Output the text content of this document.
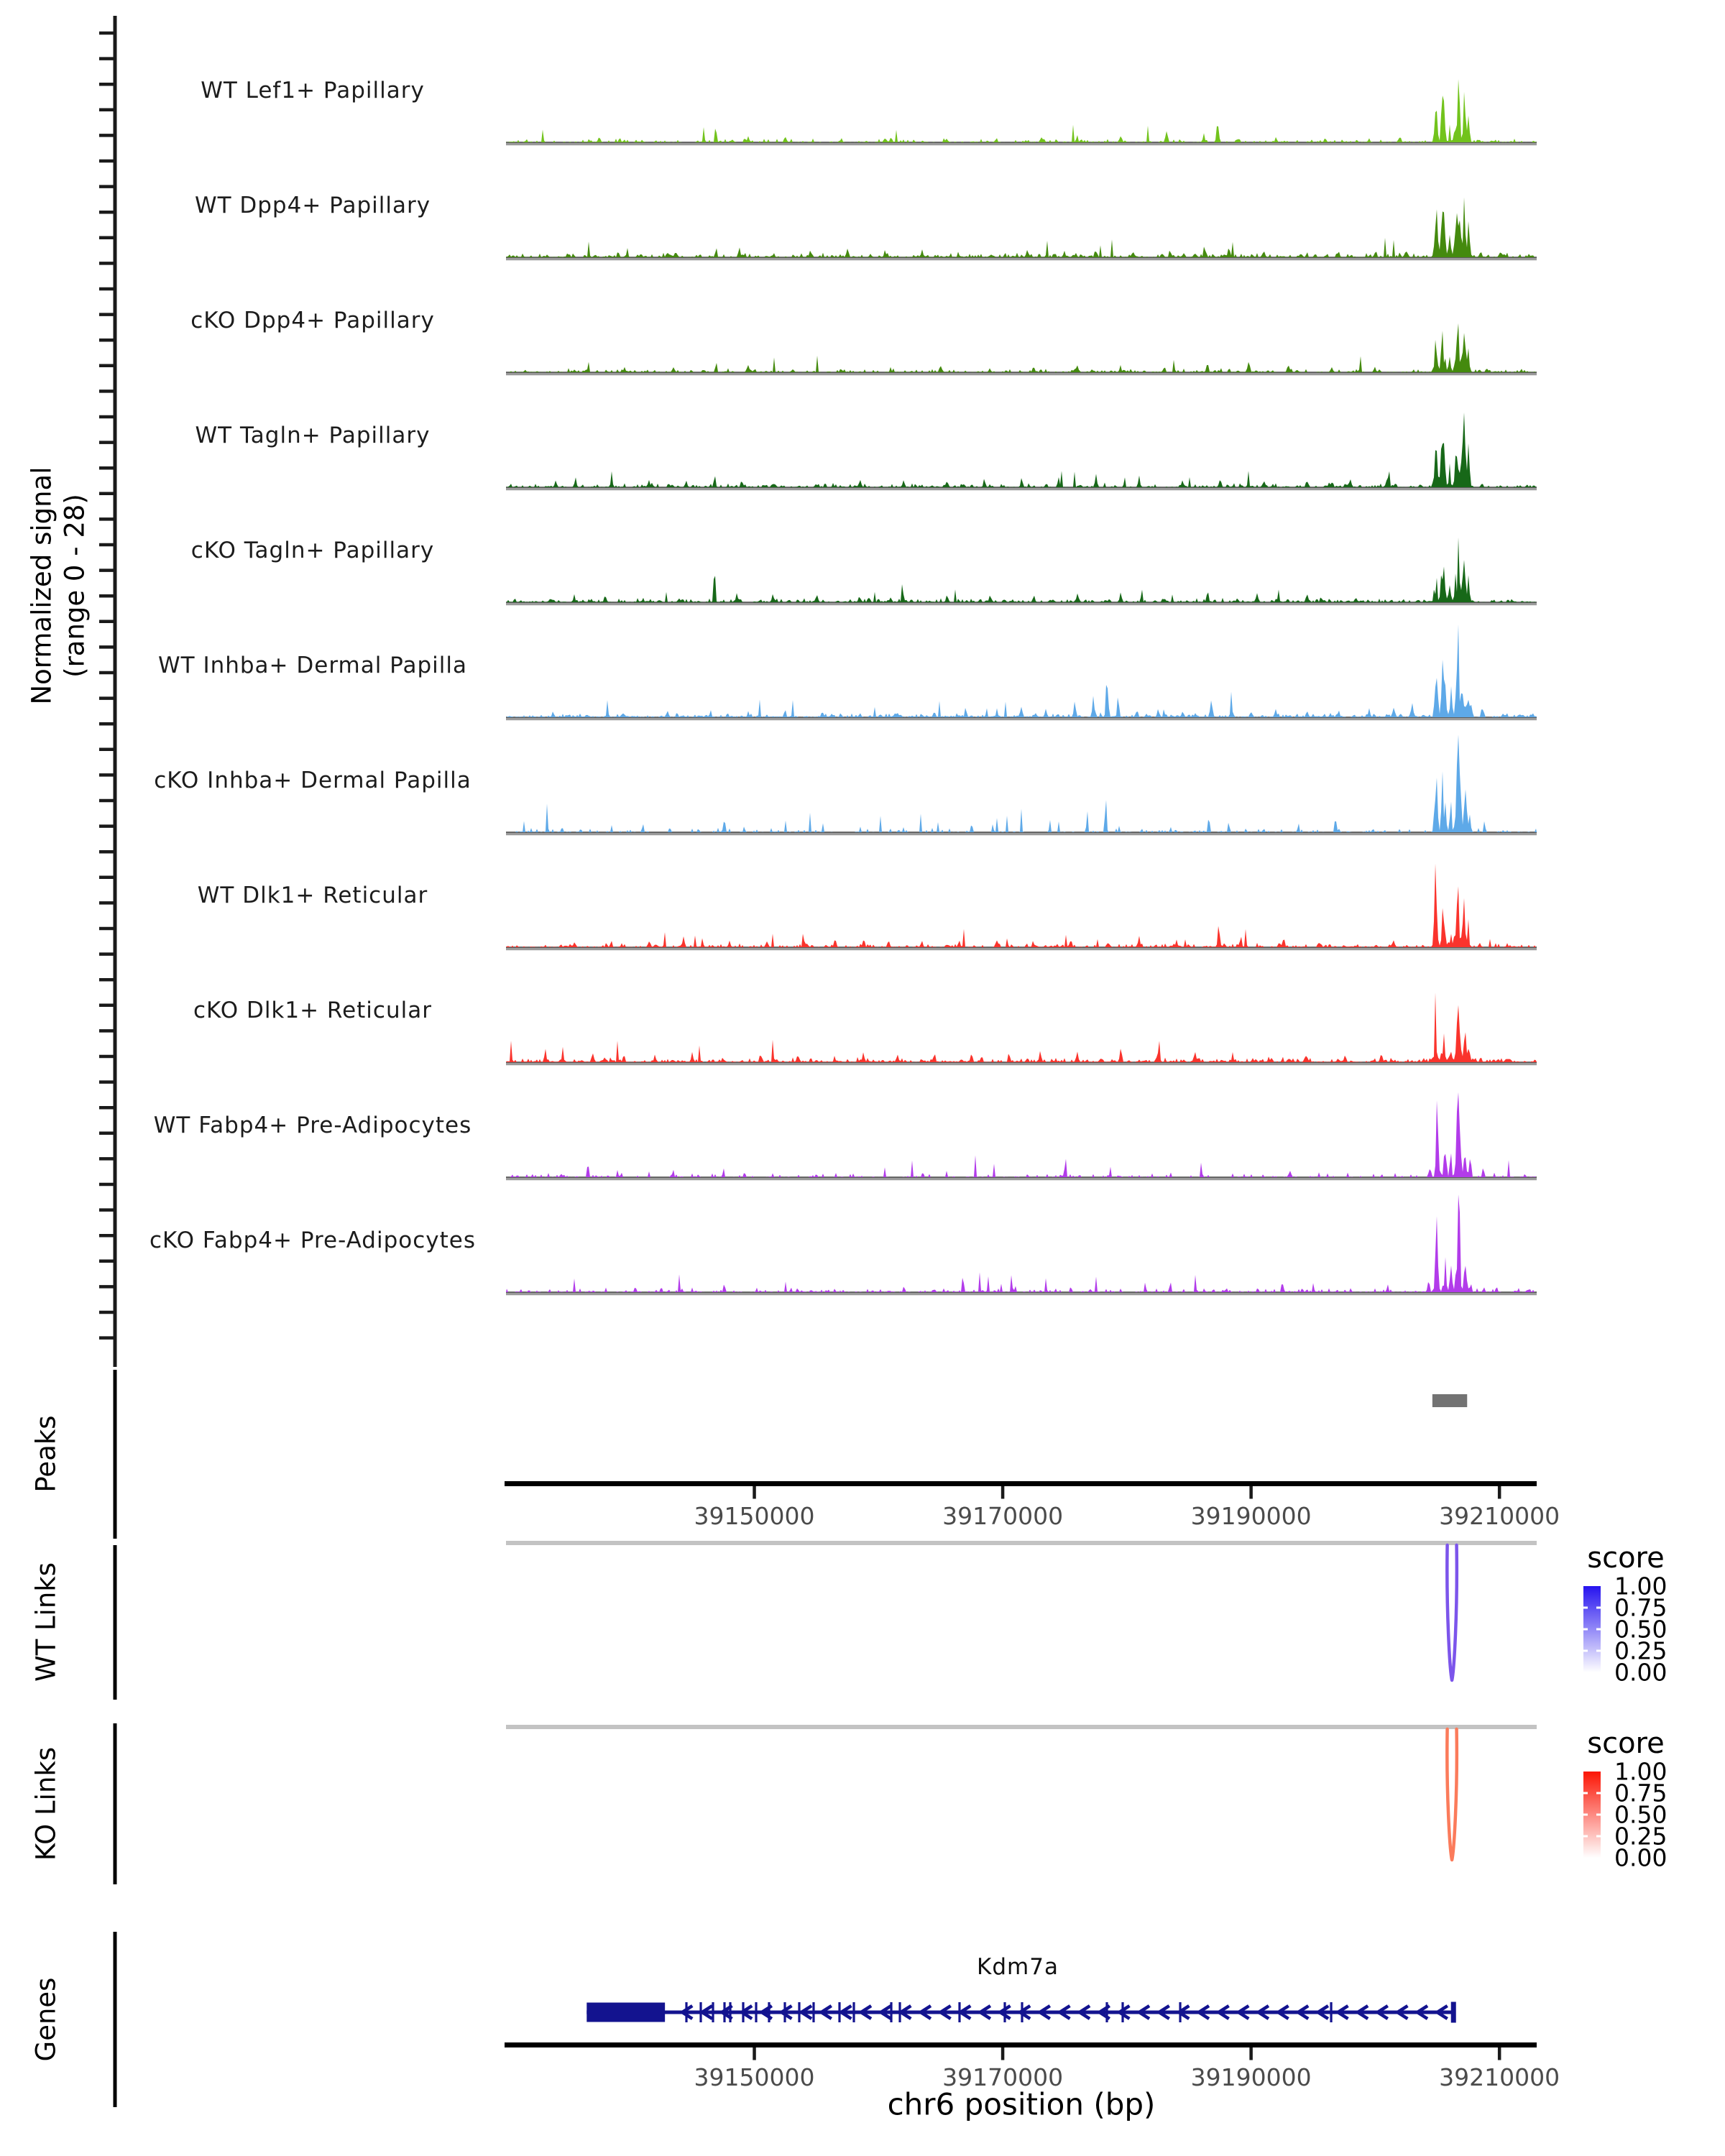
WT Lef1+ Papillary
WT Dpp4+ Papillary
cKO Dpp4+ Papillary
WT Tagln+ Papillary
cKO Tagln+ Papillary
WT Inhba+ Dermal Papilla
cKO Inhba+ Dermal Papilla
WT Dlk1+ Reticular
cKO Dlk1+ Reticular
WT Fabp4+ Pre-Adipocytes
cKO Fabp4+ Pre-Adipocytes
39150000	39170000	39190000	39210000
1.00
0.75
0.50
0.25
0.00
1.00
0.75
0.50
0.25
0.00
39150000	39170000	39190000	39210000
Normalized signal (range 0 - 28)
Peaks
WT Links
KO Links
Genes
score
score
Kdm7a
chr6 position (bp)
